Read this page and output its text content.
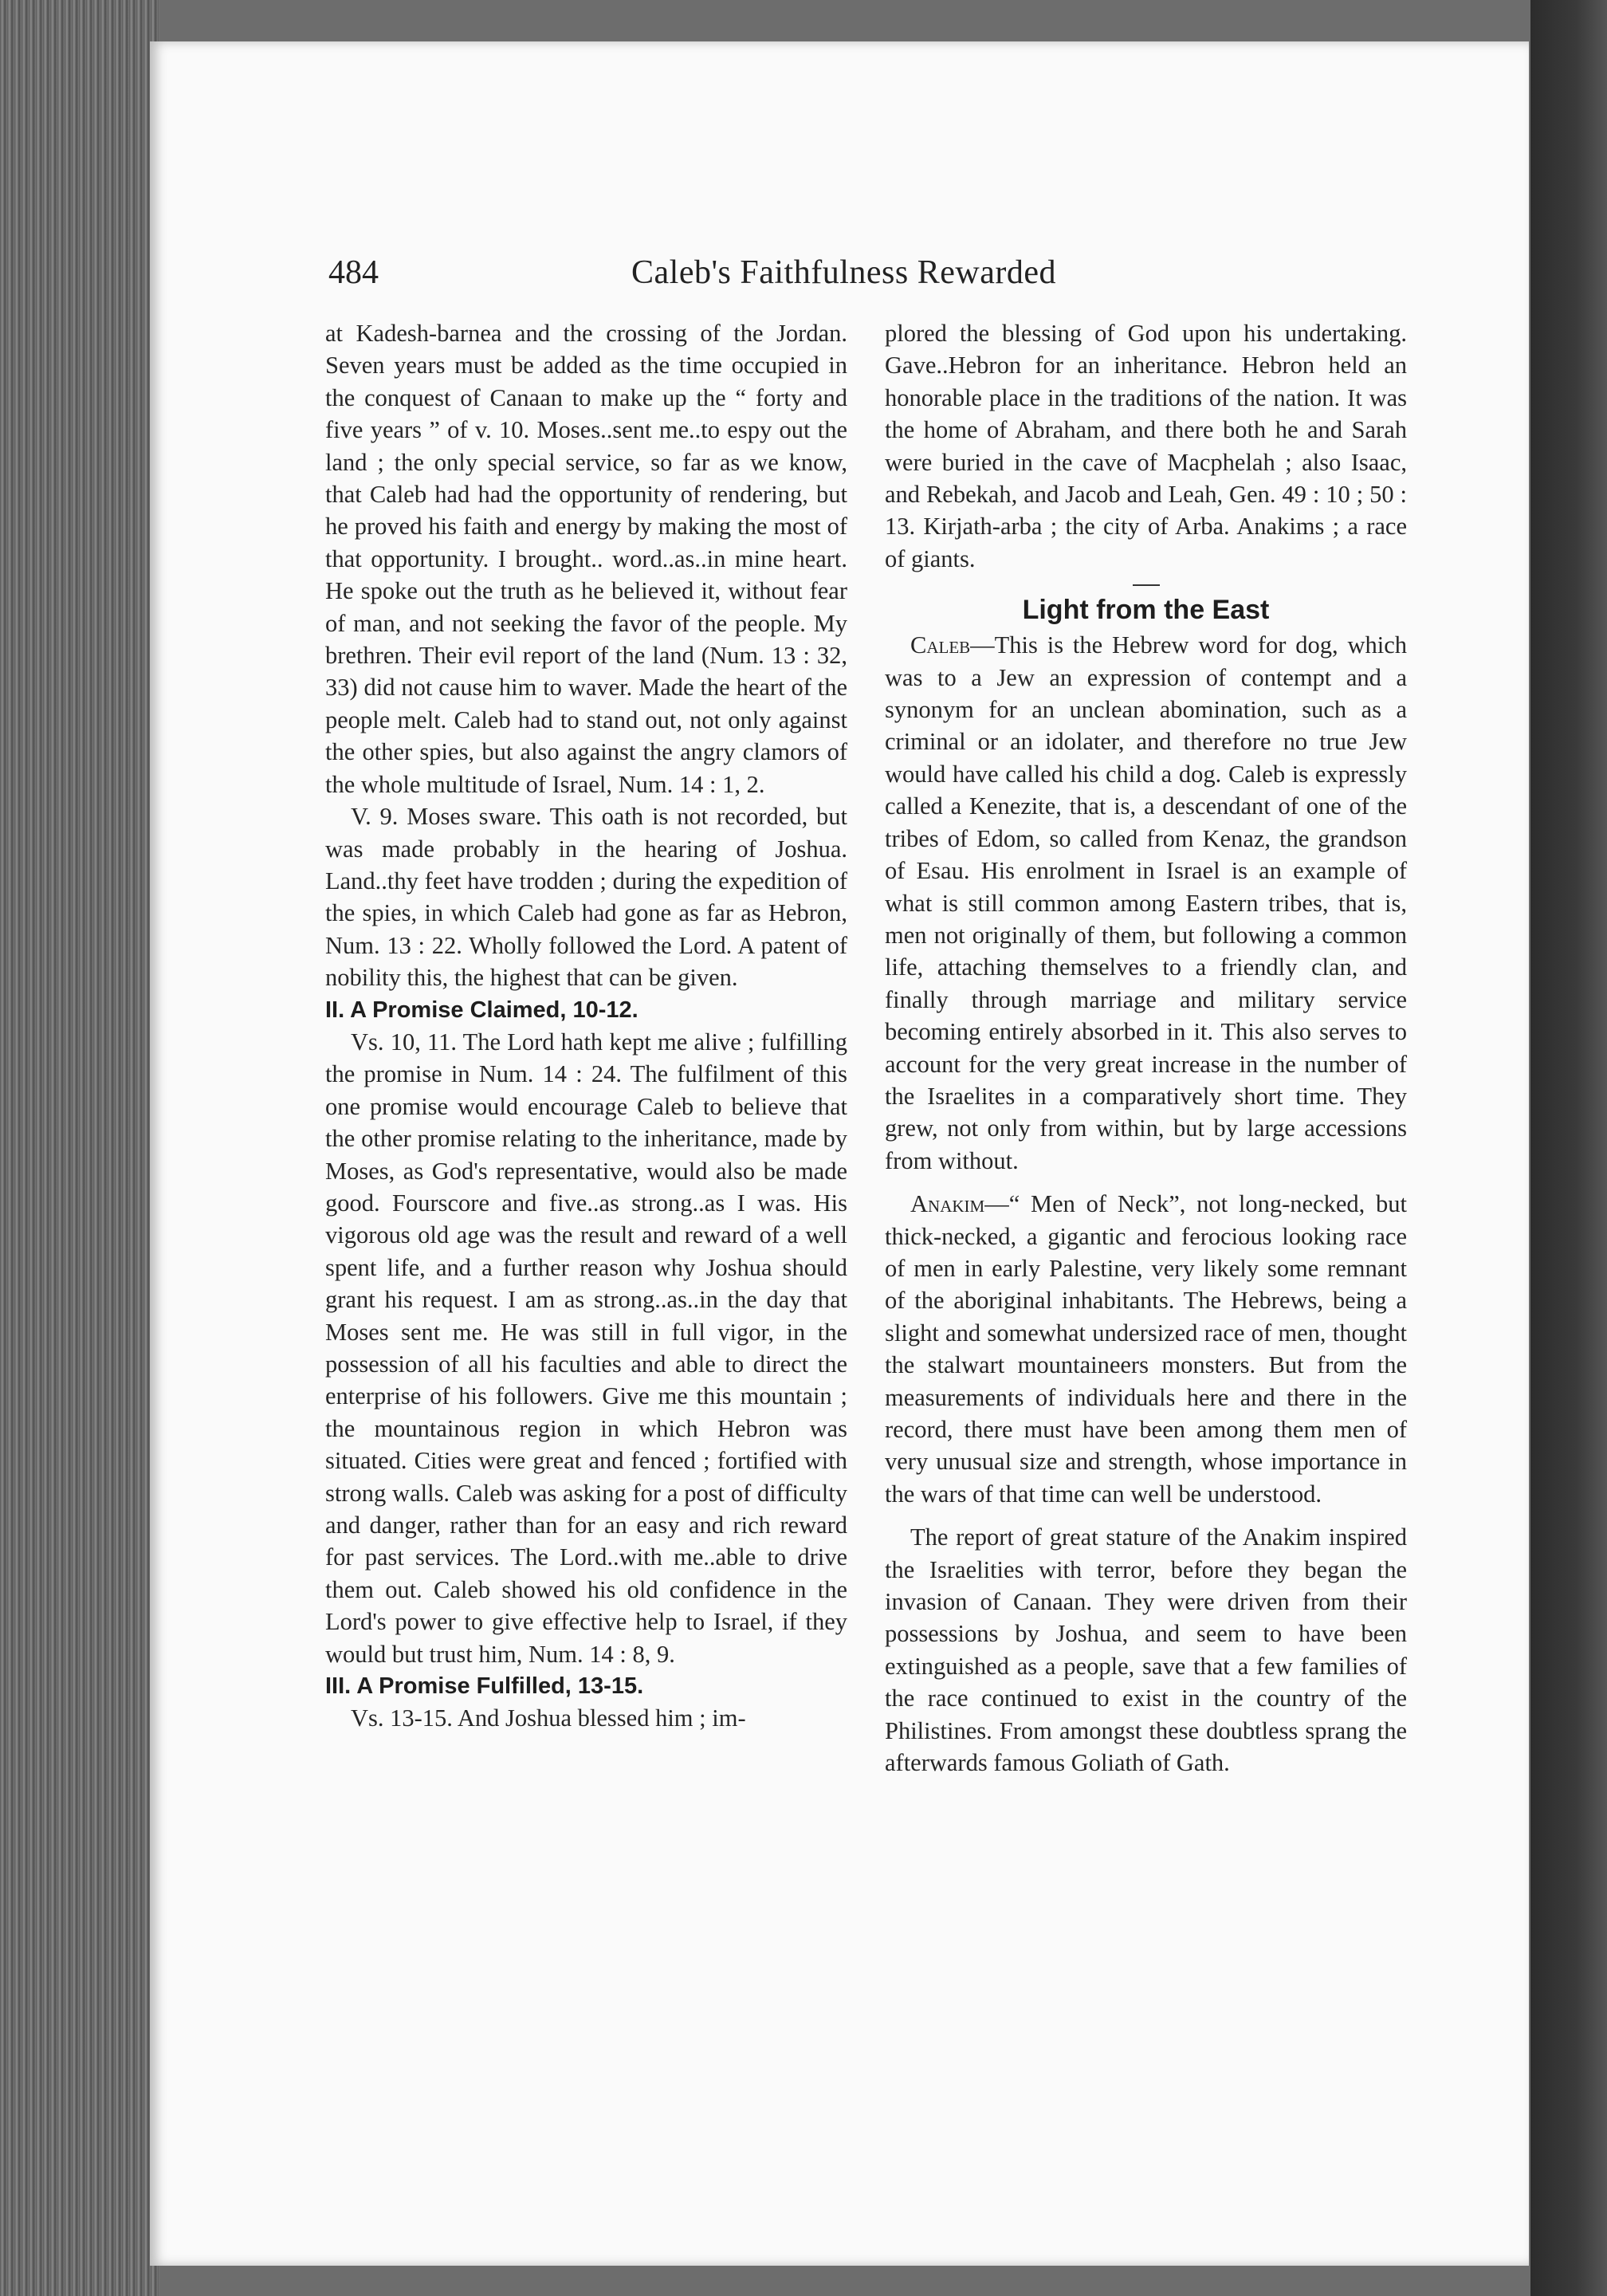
484	Caleb's Faithfulness Rewarded

at Kadesh-barnea and the crossing of the Jordan. Seven years must be added as the time occupied in the conquest of Canaan to make up the “ forty and five years ” of v. 10. Moses..sent me..to espy out the land ; the only special service, so far as we know, that Caleb had had the opportunity of rendering, but he proved his faith and energy by making the most of that opportunity. I brought.. word..as..in mine heart. He spoke out the truth as he believed it, without fear of man, and not seeking the favor of the people. My brethren. Their evil report of the land (Num. 13 : 32, 33) did not cause him to waver. Made the heart of the people melt. Caleb had to stand out, not only against the other spies, but also against the angry clamors of the whole multitude of Israel, Num. 14 : 1, 2.

V. 9. Moses sware. This oath is not recorded, but was made probably in the hearing of Joshua. Land..thy feet have trodden ; during the expedition of the spies, in which Caleb had gone as far as Hebron, Num. 13 : 22. Wholly followed the Lord. A patent of nobility this, the highest that can be given.

II. A Promise Claimed, 10-12.

Vs. 10, 11. The Lord hath kept me alive ; fulfilling the promise in Num. 14 : 24. The fulfilment of this one promise would encourage Caleb to believe that the other promise relating to the inheritance, made by Moses, as God's representative, would also be made good. Fourscore and five..as strong..as I was. His vigorous old age was the result and reward of a well spent life, and a further reason why Joshua should grant his request. I am as strong..as..in the day that Moses sent me. He was still in full vigor, in the possession of all his faculties and able to direct the enterprise of his followers. Give me this mountain ; the mountainous region in which Hebron was situated. Cities were great and fenced ; fortified with strong walls. Caleb was asking for a post of difficulty and danger, rather than for an easy and rich reward for past services. The Lord..with me..able to drive them out. Caleb showed his old confidence in the Lord's power to give effective help to Israel, if they would but trust him, Num. 14 : 8, 9.

III. A Promise Fulfilled, 13-15.

Vs. 13-15. And Joshua blessed him ; im-

plored the blessing of God upon his undertaking. Gave..Hebron for an inheritance. Hebron held an honorable place in the traditions of the nation. It was the home of Abraham, and there both he and Sarah were buried in the cave of Macphelah ; also Isaac, and Rebekah, and Jacob and Leah, Gen. 49 : 10 ; 50 : 13. Kirjath-arba ; the city of Arba. Anakims ; a race of giants.

Light from the East

Caleb—This is the Hebrew word for dog, which was to a Jew an expression of contempt and a synonym for an unclean abomination, such as a criminal or an idolater, and therefore no true Jew would have called his child a dog. Caleb is expressly called a Kenezite, that is, a descendant of one of the tribes of Edom, so called from Kenaz, the grandson of Esau. His enrolment in Israel is an example of what is still common among Eastern tribes, that is, men not originally of them, but following a common life, attaching themselves to a friendly clan, and finally through marriage and military service becoming entirely absorbed in it. This also serves to account for the very great increase in the number of the Israelites in a comparatively short time. They grew, not only from within, but by large accessions from without.

Anakim—“ Men of Neck”, not long-necked, but thick-necked, a gigantic and ferocious looking race of men in early Palestine, very likely some remnant of the aboriginal inhabitants. The Hebrews, being a slight and somewhat undersized race of men, thought the stalwart mountaineers monsters. But from the measurements of individuals here and there in the record, there must have been among them men of very unusual size and strength, whose importance in the wars of that time can well be understood.

The report of great stature of the Anakim inspired the Israelities with terror, before they began the invasion of Canaan. They were driven from their possessions by Joshua, and seem to have been extinguished as a people, save that a few families of the race continued to exist in the country of the Philistines. From amongst these doubtless sprang the afterwards famous Goliath of Gath.
